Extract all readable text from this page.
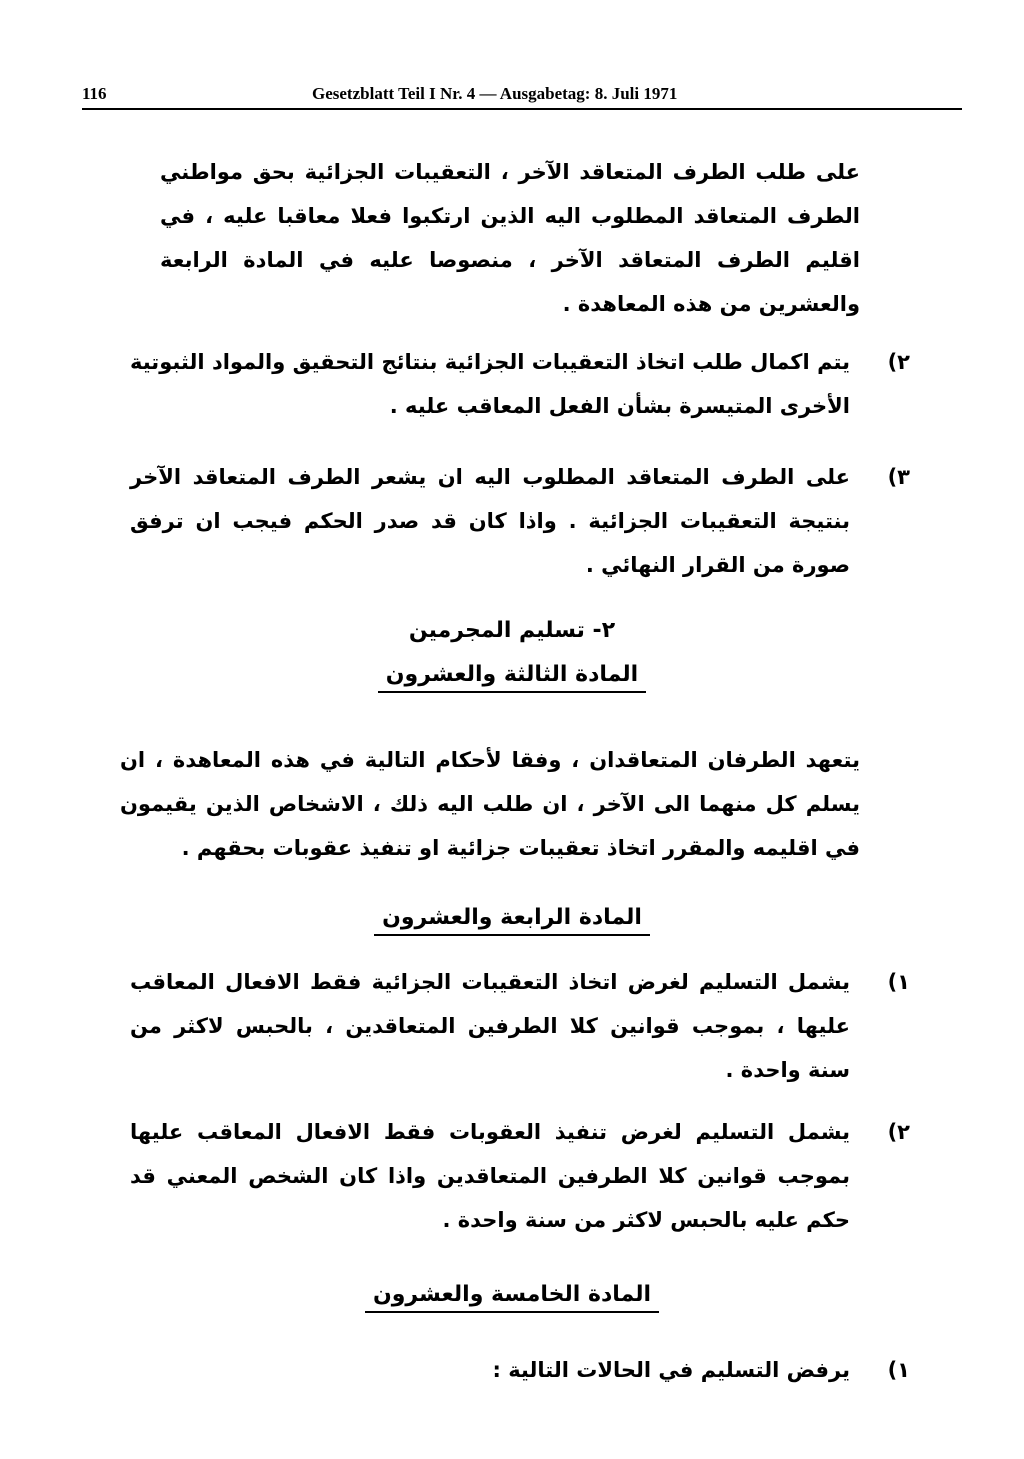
116	Gesetzblatt Teil I Nr. 4 — Ausgabetag: 8. Juli 1971
على طلب الطرف المتعاقد الآخر ، التعقيبات الجزائية بحق مواطني الطرف المتعاقد المطلوب اليه الذين ارتكبوا فعلا معاقبا عليه ، في اقليم الطرف المتعاقد الآخر ، منصوصا عليه في المادة الرابعة والعشرين من هذه المعاهدة .
٢)
يتم اكمال طلب اتخاذ التعقيبات الجزائية بنتائج التحقيق والمواد الثبوتية الأخرى المتيسرة بشأن الفعل المعاقب عليه .
٣)
على الطرف المتعاقد المطلوب اليه ان يشعر الطرف المتعاقد الآخر بنتيجة التعقيبات الجزائية . واذا كان قد صدر الحكم فيجب ان ترفق صورة من القرار النهائي .
٢- تسليم المجرمين
المادة الثالثة والعشرون
يتعهد الطرفان المتعاقدان ، وفقا لأحكام التالية في هذه المعاهدة ، ان يسلم كل منهما الى الآخر ، ان طلب اليه ذلك ، الاشخاص الذين يقيمون في اقليمه والمقرر اتخاذ تعقيبات جزائية او تنفيذ عقوبات بحقهم .
المادة الرابعة والعشرون
١)
يشمل التسليم لغرض اتخاذ التعقيبات الجزائية فقط الافعال المعاقب عليها ، بموجب قوانين كلا الطرفين المتعاقدين ، بالحبس لاكثر من سنة واحدة .
٢)
يشمل التسليم لغرض تنفيذ العقوبات فقط الافعال المعاقب عليها بموجب قوانين كلا الطرفين المتعاقدين واذا كان الشخص المعني قد حكم عليه بالحبس لاكثر من سنة واحدة .
المادة الخامسة والعشرون
١)
يرفض التسليم في الحالات التالية :
